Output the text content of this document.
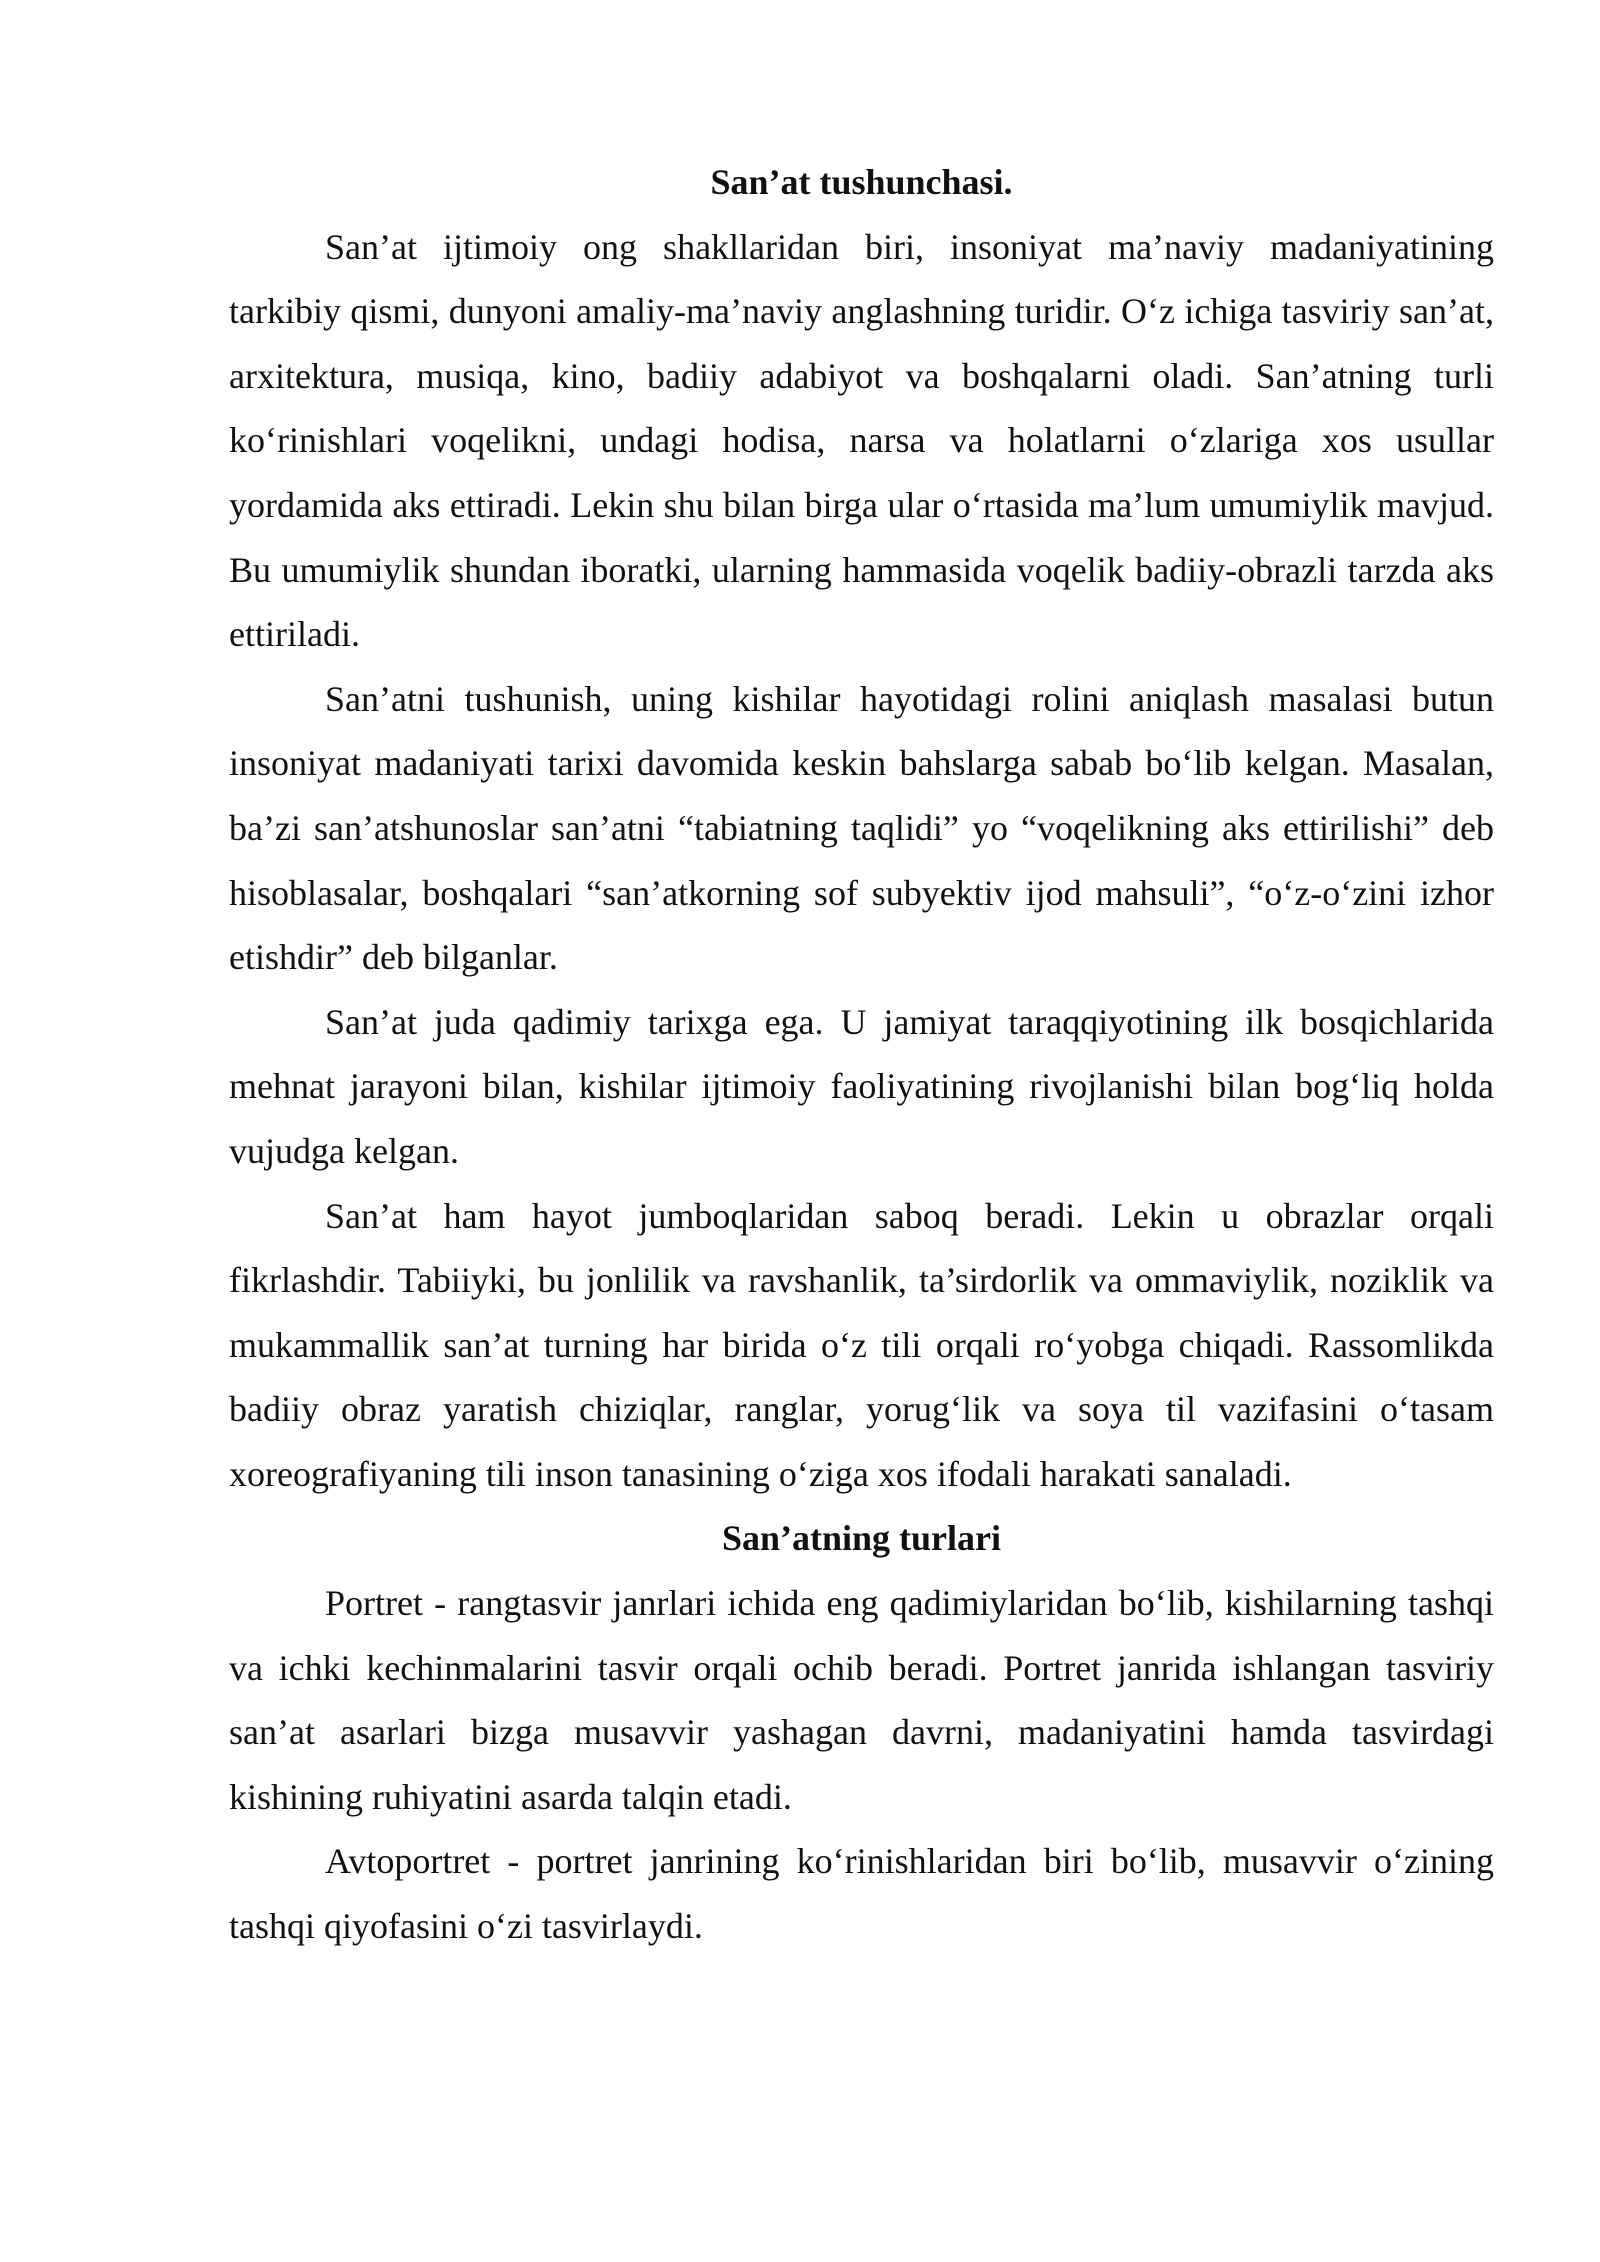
San’at tushunchasi.

San’at ijtimoiy ong shakllaridan biri, insoniyat ma’naviy madaniyatining tarkibiy qismi, dunyoni amaliy-ma’naviy anglashning turidir. O‘z ichiga tasviriy san’at, arxitektura, musiqa, kino, badiiy adabiyot va boshqalarni oladi. San’atning turli ko‘rinishlari voqelikni, undagi hodisa, narsa va holatlarni o‘zlariga xos usullar yordamida aks ettiradi. Lekin shu bilan birga ular o‘rtasida ma’lum umumiylik mavjud. Bu umumiylik shundan iboratki, ularning hammasida voqelik badiiy-obrazli tarzda aks ettiriladi.

San’atni tushunish, uning kishilar hayotidagi rolini aniqlash masalasi butun insoniyat madaniyati tarixi davomida keskin bahslarga sabab bo‘lib kelgan. Masalan, ba’zi san’atshunoslar san’atni “tabiatning taqlidi” yo “voqelikning aks ettirilishi” deb hisoblasalar, boshqalari “san’atkorning sof subyektiv ijod mahsuli”, “o‘z-o‘zini izhor etishdir” deb bilganlar.

San’at juda qadimiy tarixga ega. U jamiyat taraqqiyotining ilk bosqichlarida mehnat jarayoni bilan, kishilar ijtimoiy faoliyatining rivojlanishi bilan bog‘liq holda vujudga kelgan.

San’at ham hayot jumboqlaridan saboq beradi. Lekin u obrazlar orqali fikrlashdir. Tabiiyki, bu jonlilik va ravshanlik, ta’sirdorlik va ommaviylik, noziklik va mukammallik san’at turning har birida o‘z tili orqali ro‘yobga chiqadi. Rassomlikda badiiy obraz yaratish chiziqlar, ranglar, yorug‘lik va soya til vazifasini o‘tasam xoreografiyaning tili inson tanasining o‘ziga xos ifodali harakati sanaladi.

San’atning turlari

Portret - rangtasvir janrlari ichida eng qadimiylaridan bo‘lib, kishilarning tashqi va ichki kechinmalarini tasvir orqali ochib beradi. Portret janrida ishlangan tasviriy san’at asarlari bizga musavvir yashagan davrni, madaniyatini hamda tasvirdagi kishining ruhiyatini asarda talqin etadi.

Avtoportret - portret janrining ko‘rinishlaridan biri bo‘lib, musavvir o‘zining tashqi qiyofasini o‘zi tasvirlaydi.
